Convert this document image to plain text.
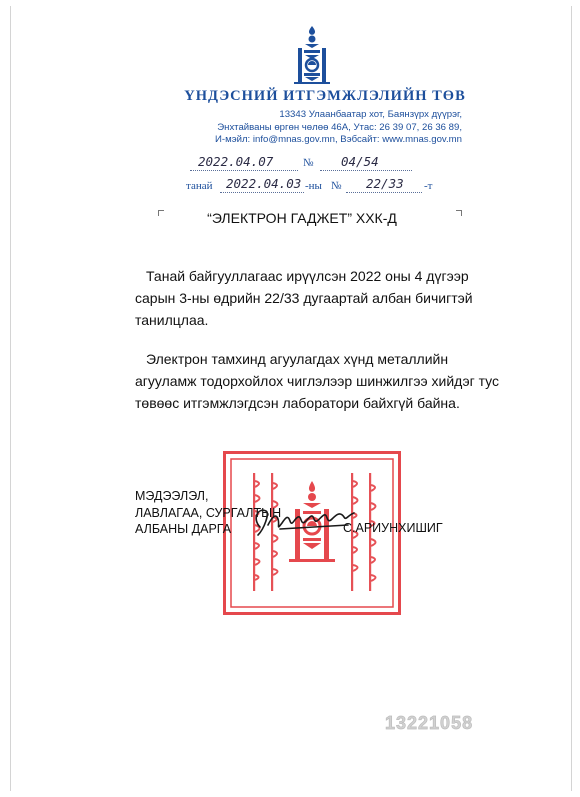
ҮНДЭСНИЙ ИТГЭМЖЛЭЛИЙН ТӨВ
13343 Улаанбаатар хот, Баянзүрх дүүрэг,
Энхтайваны өргөн чөлөө 46А, Утас: 26 39 07, 26 36 89,
И-мэйл: info@mnas.gov.mn, Вэбсайт: www.mnas.gov.mn
2022.04.07	№ 04/54
танай 2022.04.03 -ны № 22/33 -т
“ЭЛЕКТРОН ГАДЖЕТ” ХХК-Д
Танай байгууллагаас ирүүлсэн 2022 оны 4 дүгээр
сарын 3-ны өдрийн 22/33 дугаартай албан бичигтэй
танилцлаа.
Электрон тамхинд агуулагдах хүнд металлийн
агууламж тодорхойлох чиглэлээр шинжилгээ хийдэг тус
төвөөс итгэмжлэгдсэн лаборатори байхгүй байна.
МЭДЭЭЛЭЛ,
ЛАВЛАГАА, СУРГАЛТЫН
АЛБАНЫ ДАРГА	С.АРИУНХИШИГ
13221058
